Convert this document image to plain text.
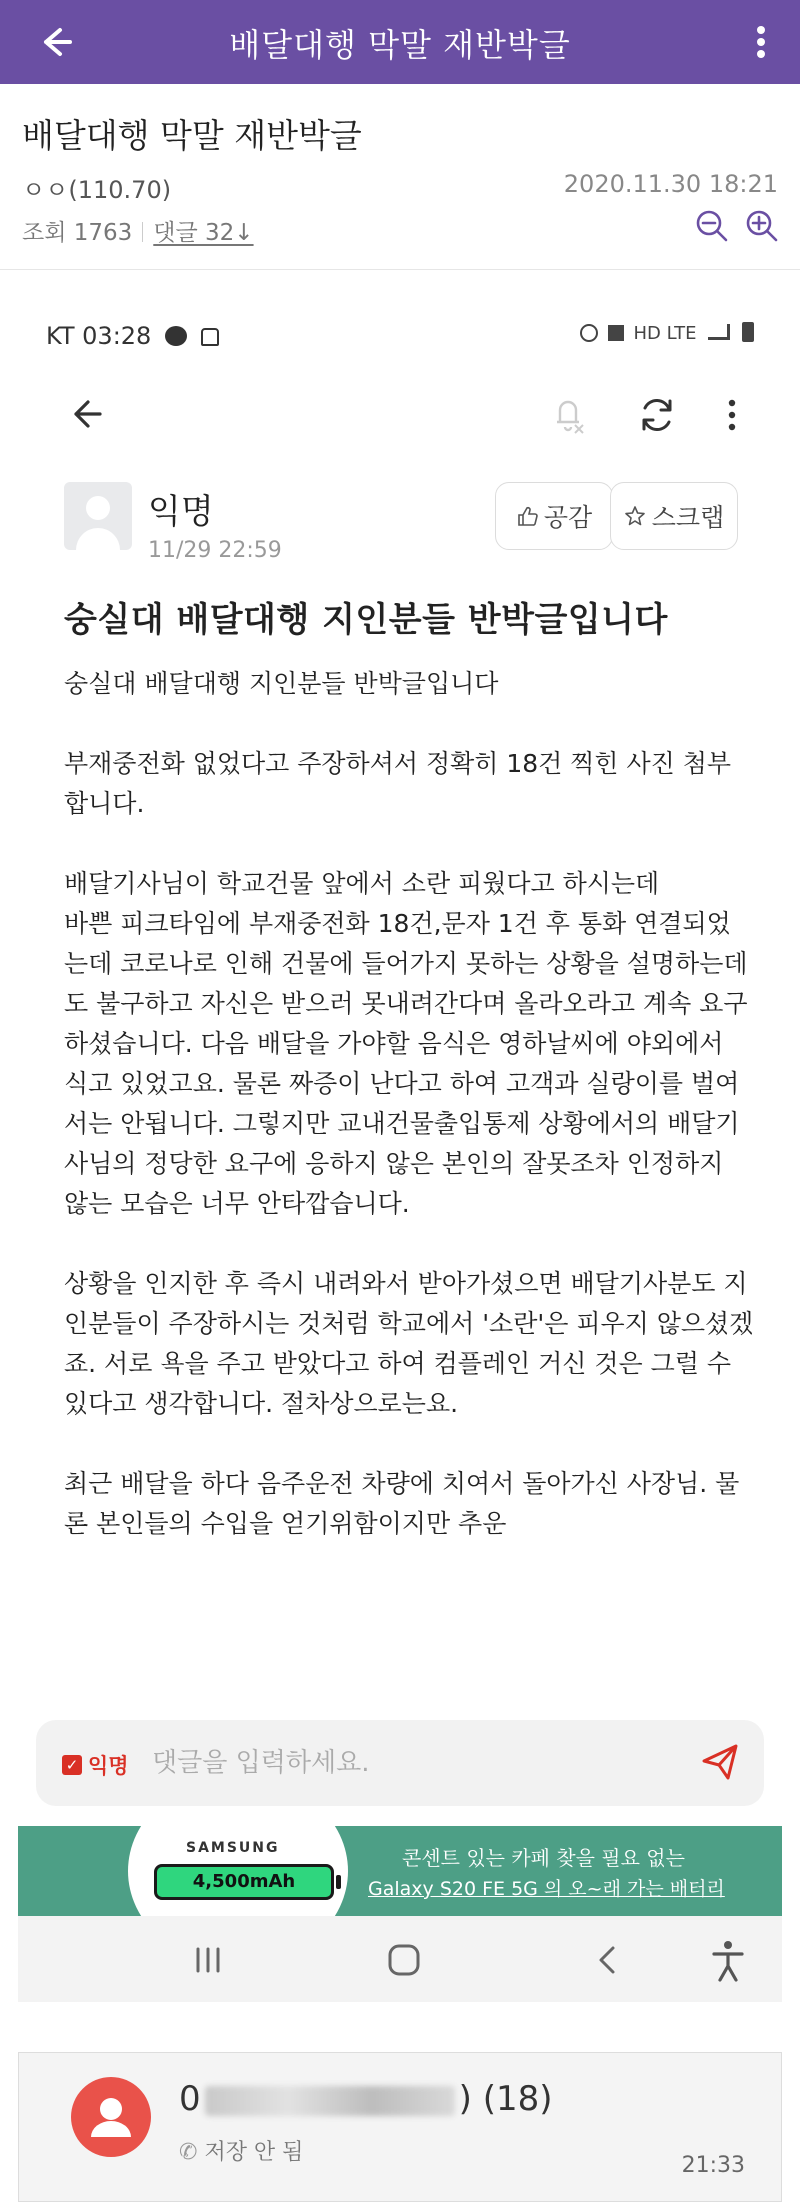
배달대행 막말 재반박글
배달대행 막말 재반박글
ㅇㅇ(110.70)	2020.11.30 18:21
조회 1763 댓글 32↓
KT 03:28	HD LTE
익명
11/29 22:59
공감 스크랩
숭실대 배달대행 지인분들 반박글입니다

숭실대 배달대행 지인분들 반박글입니다

부재중전화 없었다고 주장하셔서 정확히 18건 찍힌 사진 첨부합니다.

배달기사님이 학교건물 앞에서 소란 피웠다고 하시는데

바쁜 피크타임에 부재중전화 18건,문자 1건 후 통화 연결되었는데 코로나로 인해 건물에 들어가지 못하는 상황을 설명하는데도 불구하고 자신은 받으러 못내려간다며 올라오라고 계속 요구하셨습니다. 다음 배달을 가야할 음식은 영하날씨에 야외에서 식고 있었고요. 물론 짜증이 난다고 하여 고객과 실랑이를 벌여서는 안됩니다. 그렇지만 교내건물출입통제 상황에서의 배달기사님의 정당한 요구에 응하지 않은 본인의 잘못조차 인정하지 않는 모습은 너무 안타깝습니다.

상황을 인지한 후 즉시 내려와서 받아가셨으면 배달기사분도 지인분들이 주장하시는 것처럼 학교에서 '소란'은 피우지 않으셨겠죠. 서로 욕을 주고 받았다고 하여 컴플레인 거신 것은 그럴 수 있다고 생각합니다. 절차상으로는요.

최근 배달을 하다 음주운전 차량에 치여서 돌아가신 사장님. 물론 본인들의 수입을 얻기위함이지만 추운

✓ 익명
댓글을 입력하세요.
SAMSUNG
4,500mAh
콘센트 있는 카페 찾을 필요 없는
Galaxy S20 FE 5G 의 오~래 가는 배터리
0	) (18)
✆ 저장 안 됨
21:33
